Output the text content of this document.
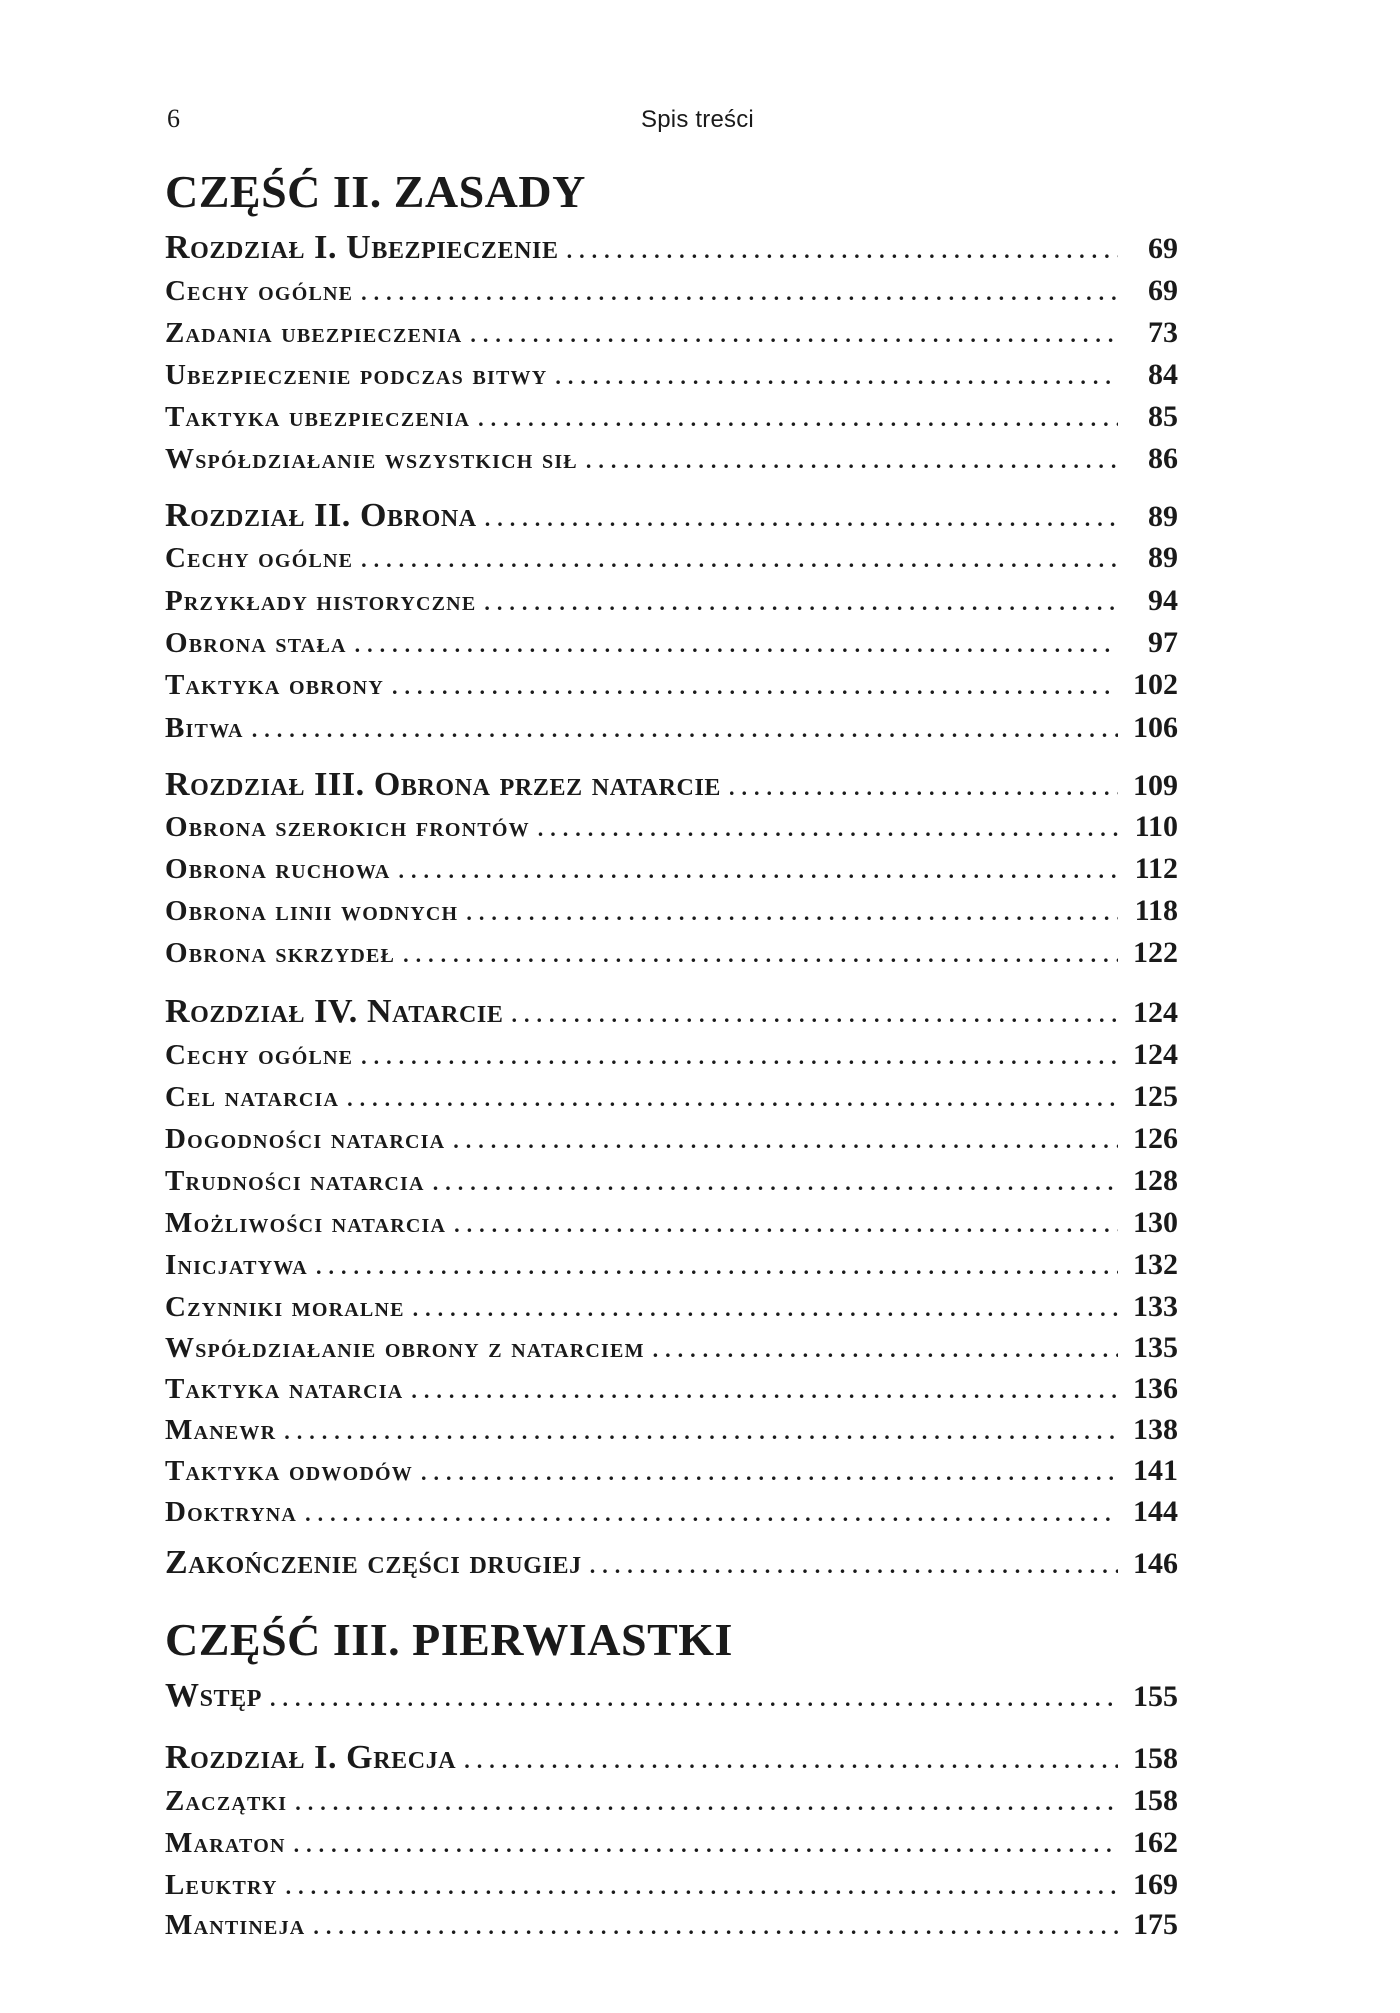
6	Spis treści
CZĘŚĆ II. ZASADY
Rozdział I. Ubezpieczenie . . .	69
Cechy ogólne . . .	69
Zadania ubezpieczenia . . .	73
Ubezpieczenie podczas bitwy . . .	84
Taktyka ubezpieczenia . . .	85
Współdziałanie wszystkich sił . . .	86
Rozdział II. Obrona . . .	89
Cechy ogólne . . .	89
Przykłady historyczne . . .	94
Obrona stała . . .	97
Taktyka obrony . . .	102
Bitwa . . .	106
Rozdział III. Obrona przez natarcie . . .	109
Obrona szerokich frontów . . .	110
Obrona ruchowa . . .	112
Obrona linii wodnych . . .	118
Obrona skrzydeł . . .	122
Rozdział IV. Natarcie . . .	124
Cechy ogólne . . .	124
Cel natarcia . . .	125
Dogodności natarcia . . .	126
Trudności natarcia . . .	128
Możliwości natarcia . . .	130
Inicjatywa . . .	132
Czynniki moralne . . .	133
Współdziałanie obrony z natarciem . . .	135
Taktyka natarcia . . .	136
Manewr . . .	138
Taktyka odwodów . . .	141
Doktryna . . .	144
Zakończenie części drugiej . . .	146
CZĘŚĆ III. PIERWIASTKI
Wstęp . . .	155
Rozdział I. Grecja . . .	158
Zaczątki . . .	158
Maraton . . .	162
Leuktry . . .	169
Mantineja . . .	175
